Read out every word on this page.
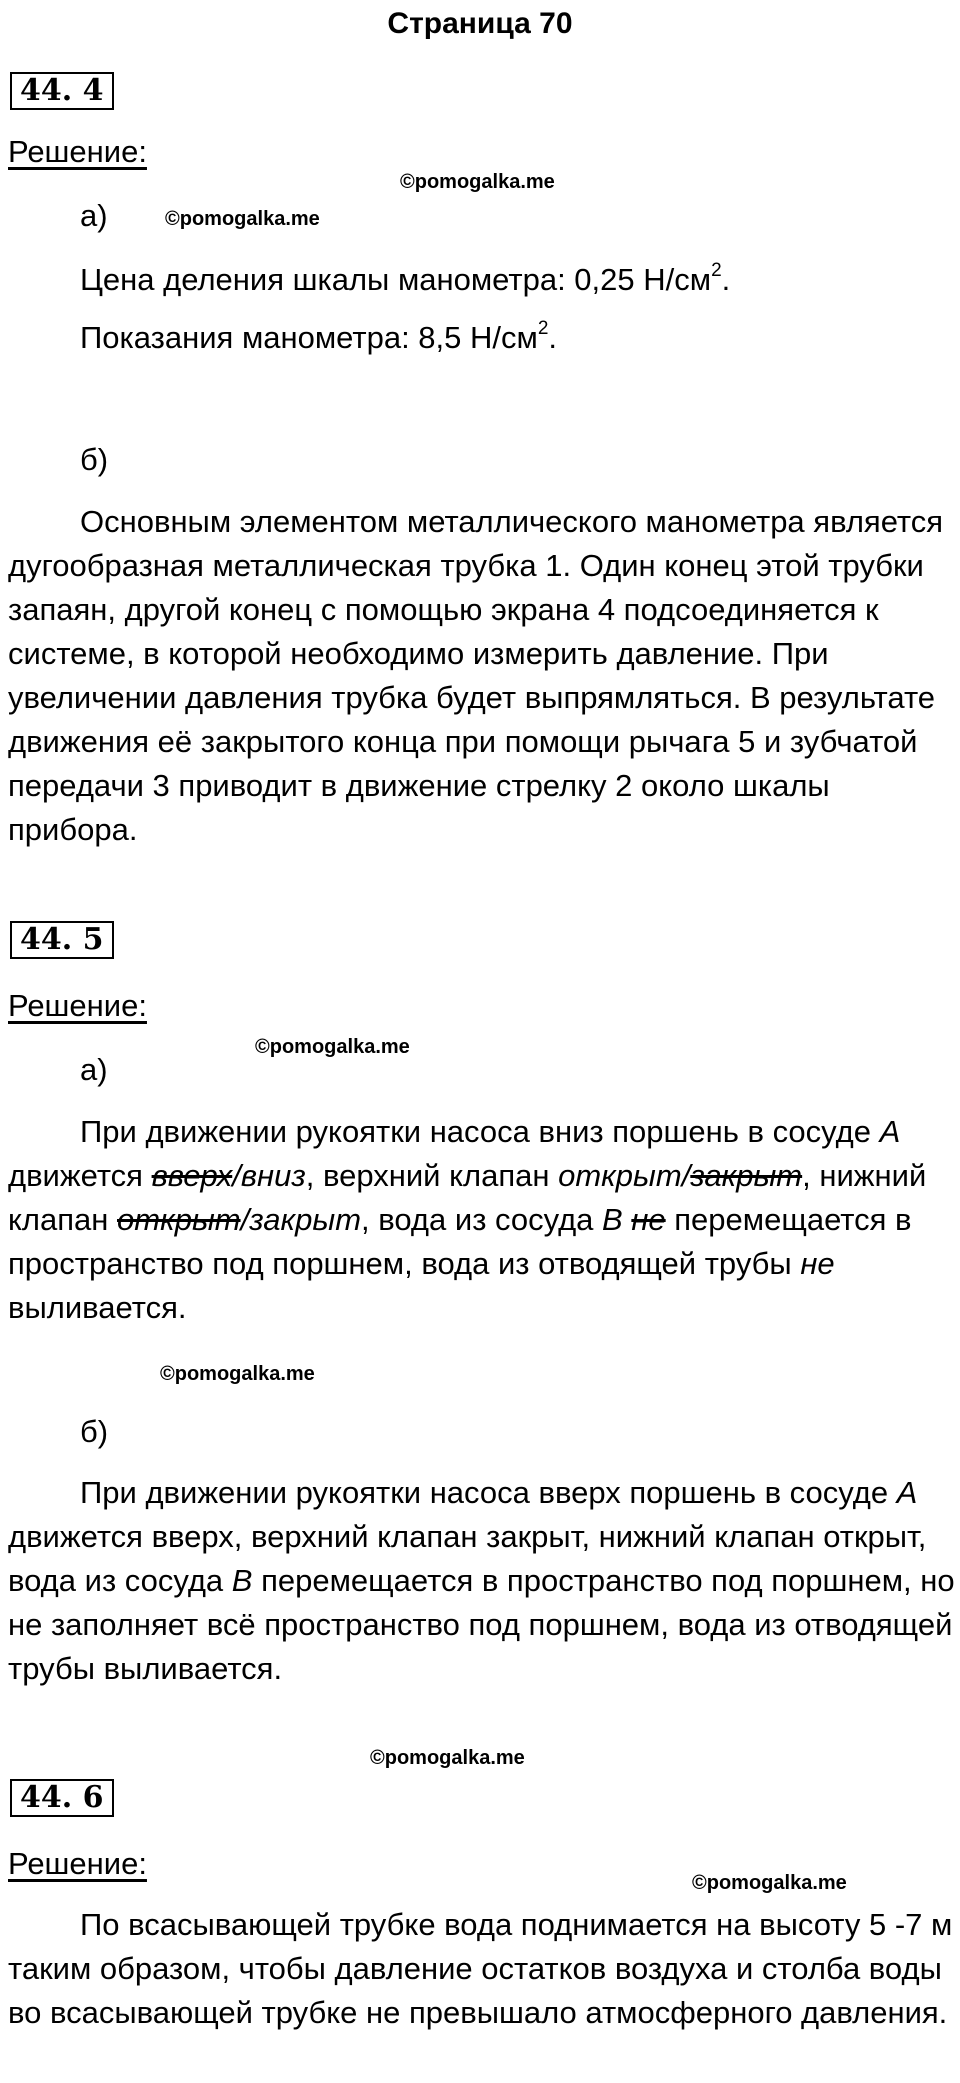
Страница 70
44. 4
Решение:
©pomogalka.me
а)	©pomogalka.me
Цена деления шкалы манометра: 0,25 $Н/см^2$.
Показания манометра: 8,5 $Н/см^2$.
б)

Основным элементом металлического манометра является дугообразная металлическая трубка 1. Один конец этой трубки запаян, другой конец с помощью экрана 4 подсоединяется к системе, в которой необходимо измерить давление. При увеличении давления трубка будет выпрямляться. В результате движения её закрытого конца при помощи рычага 5 и зубчатой передачи 3 приводит в движение стрелку 2 около шкалы прибора.

44. 5
Решение:
©pomogalka.me
а)

При движении рукоятки насоса вниз поршень в сосуде A движется вверх/вниз, верхний клапан открыт/закрыт, нижний клапан открыт/закрыт, вода из сосуда B не перемещается в пространство под поршнем, вода из отводящей трубы не выливается.

©pomogalka.me
б)

При движении рукоятки насоса вверх поршень в сосуде A движется вверх, верхний клапан закрыт, нижний клапан открыт, вода из сосуда B перемещается в пространство под поршнем, но не заполняет всё пространство под поршнем, вода из отводящей трубы выливается.

©pomogalka.me
44. 6
Решение:
©pomogalka.me

По всасывающей трубке вода поднимается на высоту 5 -7 м таким образом, чтобы давление остатков воздуха и столба воды во всасывающей трубке не превышало атмосферного давления.
